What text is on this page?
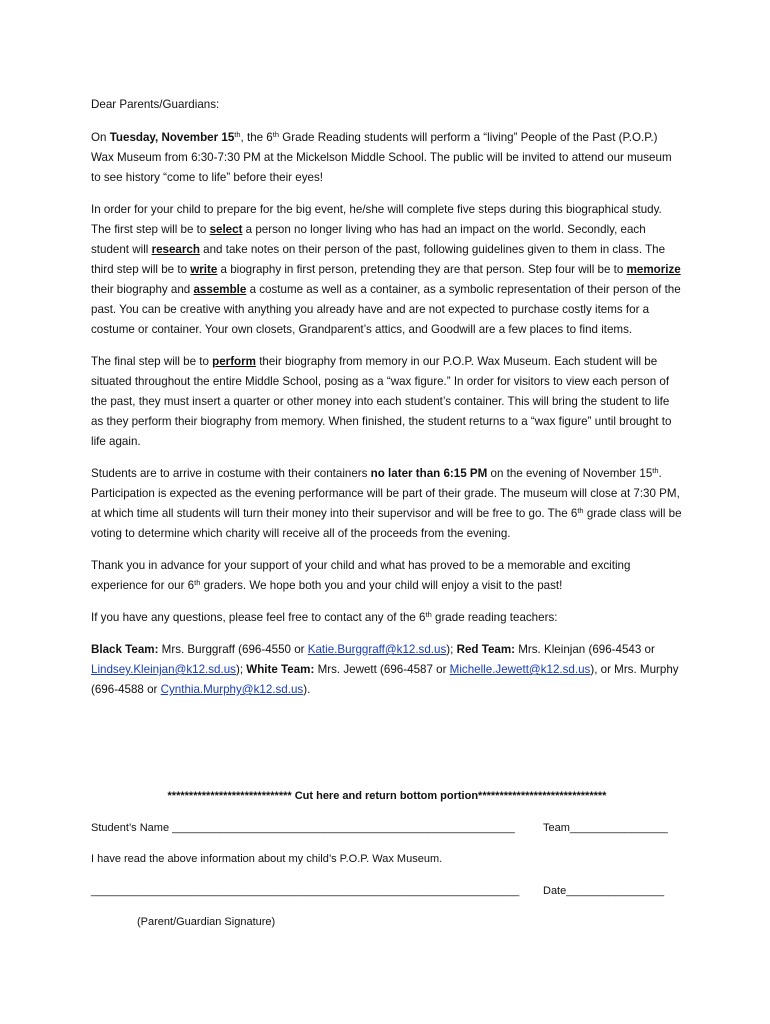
Dear Parents/Guardians:

On Tuesday, November 15th, the 6th Grade Reading students will perform a “living” People of the Past (P.O.P.) Wax Museum from 6:30-7:30 PM at the Mickelson Middle School. The public will be invited to attend our museum to see history “come to life” before their eyes!

In order for your child to prepare for the big event, he/she will complete five steps during this biographical study. The first step will be to select a person no longer living who has had an impact on the world. Secondly, each student will research and take notes on their person of the past, following guidelines given to them in class. The third step will be to write a biography in first person, pretending they are that person. Step four will be to memorize their biography and assemble a costume as well as a container, as a symbolic representation of their person of the past. You can be creative with anything you already have and are not expected to purchase costly items for a costume or container. Your own closets, Grandparent’s attics, and Goodwill are a few places to find items.

The final step will be to perform their biography from memory in our P.O.P. Wax Museum. Each student will be situated throughout the entire Middle School, posing as a “wax figure.” In order for visitors to view each person of the past, they must insert a quarter or other money into each student’s container. This will bring the student to life as they perform their biography from memory. When finished, the student returns to a “wax figure” until brought to life again.

Students are to arrive in costume with their containers no later than 6:15 PM on the evening of November 15th. Participation is expected as the evening performance will be part of their grade. The museum will close at 7:30 PM, at which time all students will turn their money into their supervisor and will be free to go. The 6th grade class will be voting to determine which charity will receive all of the proceeds from the evening.

Thank you in advance for your support of your child and what has proved to be a memorable and exciting experience for our 6th graders. We hope both you and your child will enjoy a visit to the past!

If you have any questions, please feel free to contact any of the 6th grade reading teachers:

Black Team: Mrs. Burggraff (696-4550 or Katie.Burggraff@k12.sd.us); Red Team: Mrs. Kleinjan (696-4543 or Lindsey.Kleinjan@k12.sd.us); White Team: Mrs. Jewett (696-4587 or Michelle.Jewett@k12.sd.us), or Mrs. Murphy (696-4588 or Cynthia.Murphy@k12.sd.us).

***************************** Cut here and return bottom portion******************************
Student’s Name ________________________________________________________	Team________________
I have read the above information about my child’s P.O.P. Wax Museum.
______________________________________________________________________ Date________________
(Parent/Guardian Signature)
